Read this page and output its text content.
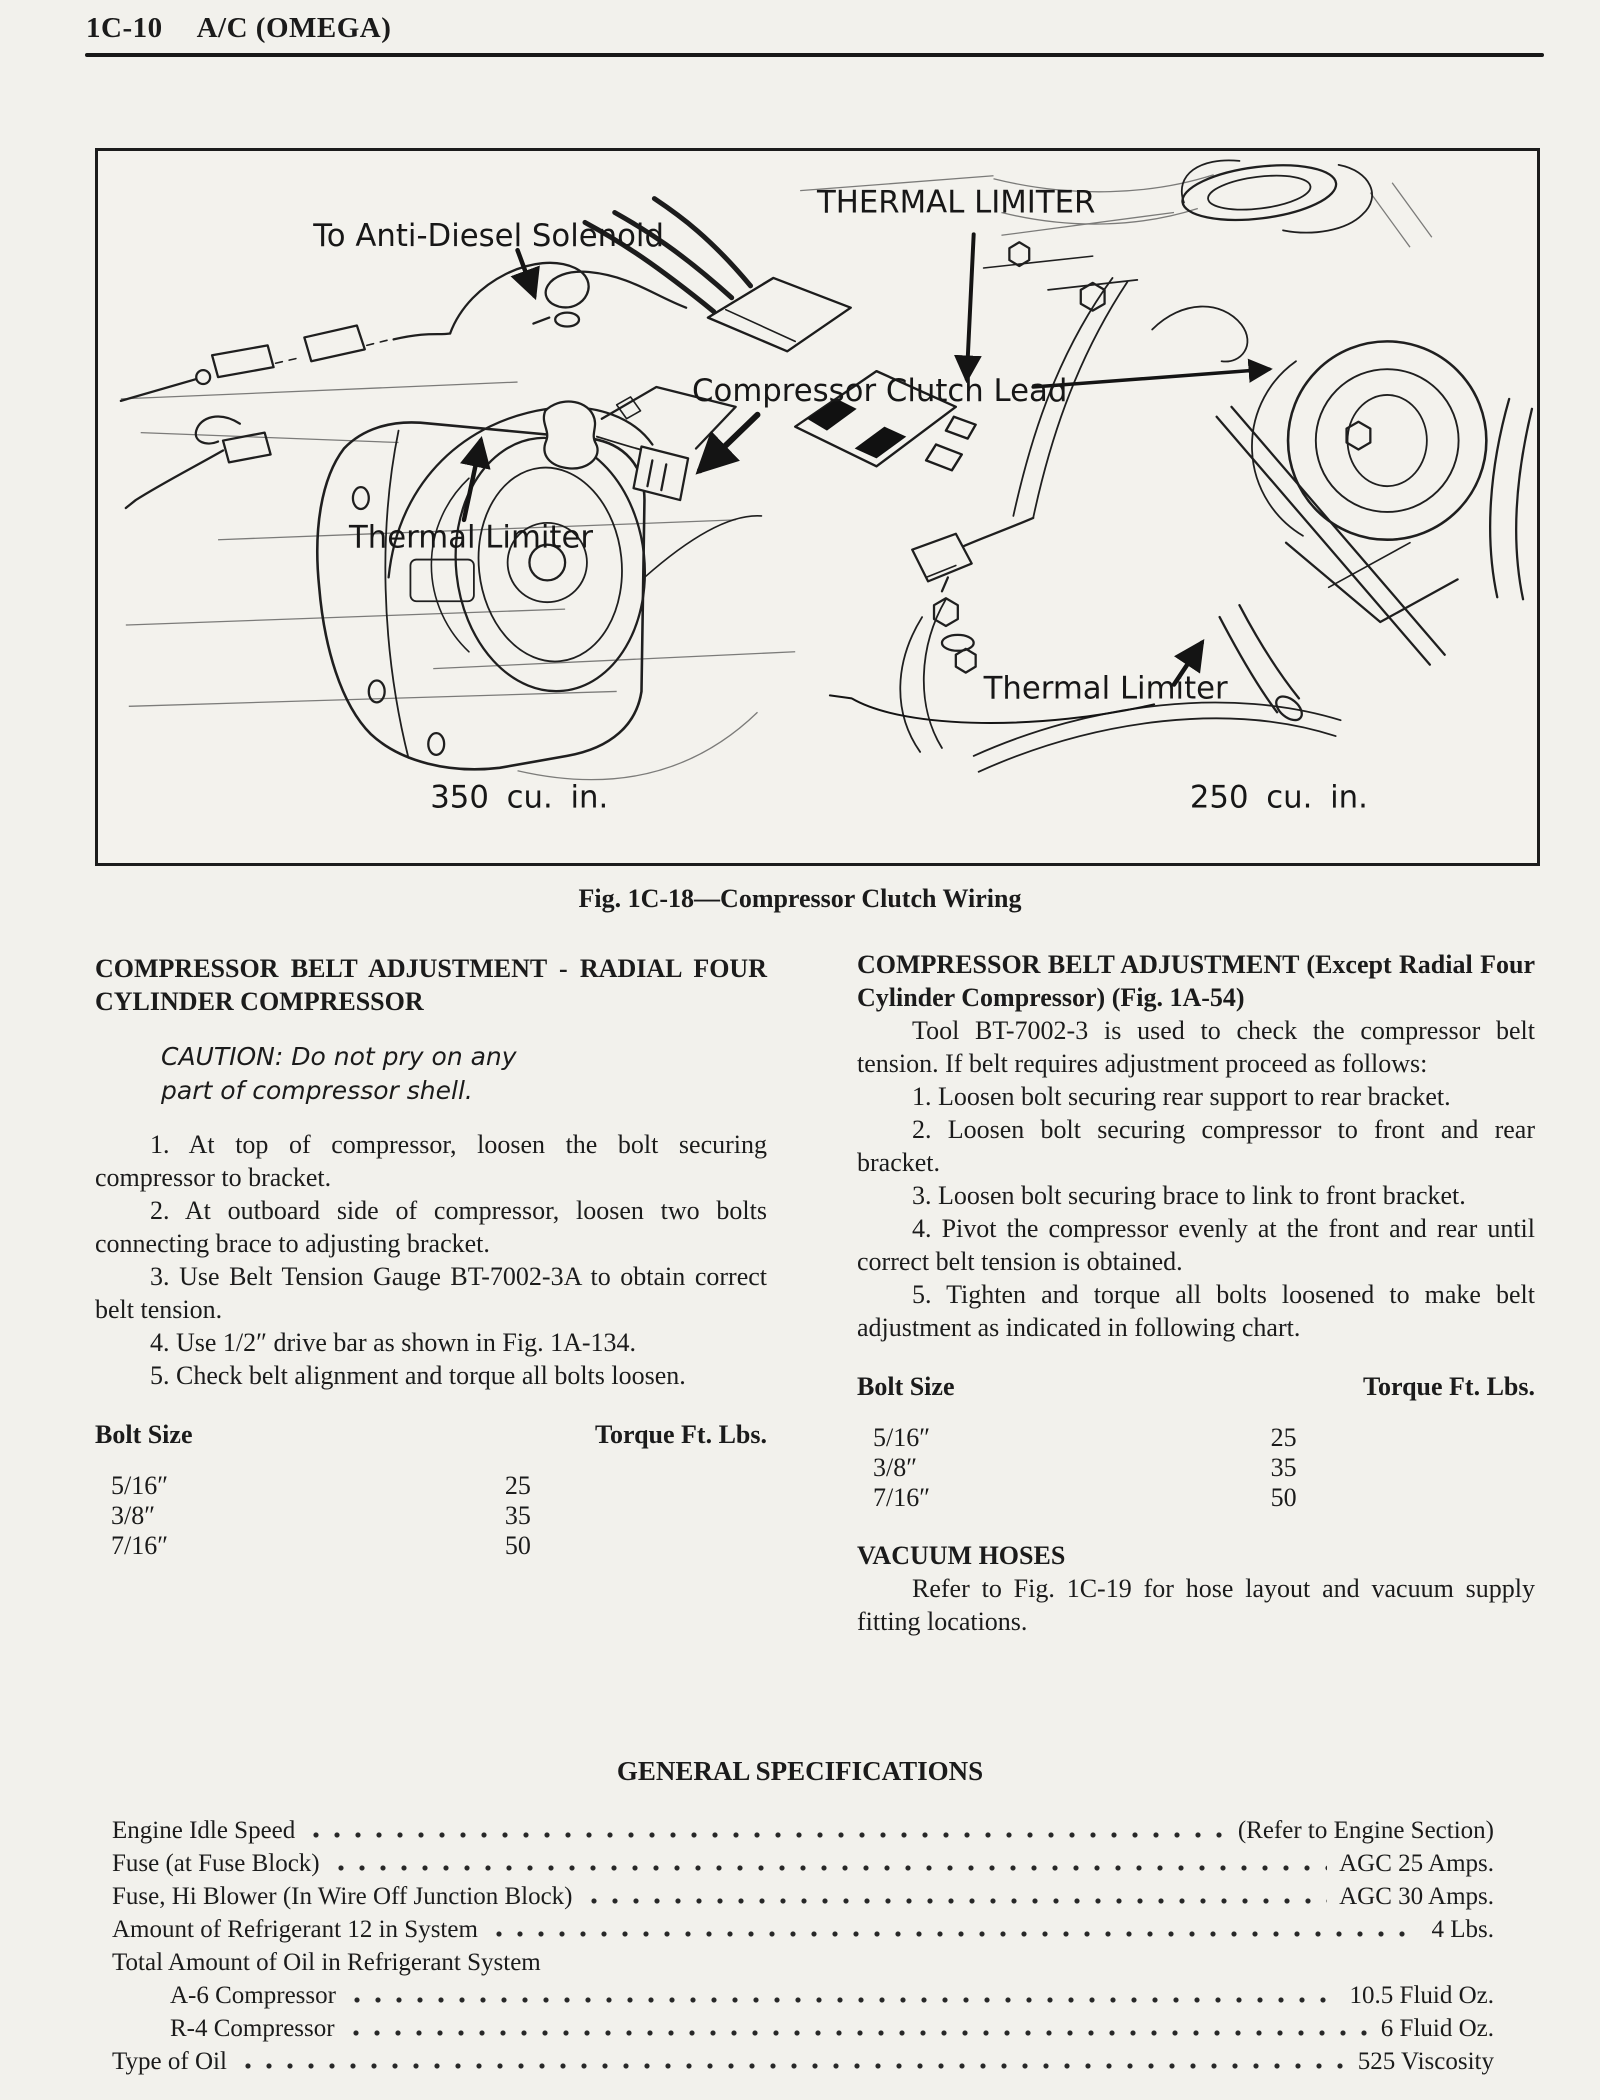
1C-10 A/C (OMEGA)
To Anti-Diesel Solenoid
THERMAL LIMITER
Compressor Clutch Lead
Thermal Limiter
Thermal Limiter
350 cu. in.	250 cu. in.
Fig. 1C-18—Compressor Clutch Wiring
COMPRESSOR BELT ADJUSTMENT - RADIAL FOUR
CYLINDER COMPRESSOR
CAUTION: Do not pry on any part of compressor shell.

1. At top of compressor, loosen the bolt securing compressor to bracket.

2. At outboard side of compressor, loosen two bolts connecting brace to adjusting bracket.

3. Use Belt Tension Gauge BT-7002-3A to obtain correct belt tension.

4. Use 1/2″ drive bar as shown in Fig. 1A-134.

5. Check belt alignment and torque all bolts loosen.

Bolt Size	Torque Ft. Lbs.
5/16″	25
3/8″	35
7/16″	50
COMPRESSOR BELT ADJUSTMENT (Except Radial Four
Cylinder Compressor) (Fig. 1A-54)

Tool BT-7002-3 is used to check the compressor belt tension. If belt requires adjustment proceed as follows:

1. Loosen bolt securing rear support to rear bracket.

2. Loosen bolt securing compressor to front and rear bracket.

3. Loosen bolt securing brace to link to front bracket.

4. Pivot the compressor evenly at the front and rear until correct belt tension is obtained.

5. Tighten and torque all bolts loosened to make belt adjustment as indicated in following chart.

Bolt Size	Torque Ft. Lbs.
5/16″	25
3/8″	35
7/16″	50
VACUUM HOSES

Refer to Fig. 1C-19 for hose layout and vacuum supply fitting locations.

GENERAL SPECIFICATIONS
Engine Idle Speed	(Refer to Engine Section)
Fuse (at Fuse Block)	AGC 25 Amps.
Fuse, Hi Blower (In Wire Off Junction Block)	AGC 30 Amps.
Amount of Refrigerant 12 in System	4 Lbs.
Total Amount of Oil in Refrigerant System
A-6 Compressor	10.5 Fluid Oz.
R-4 Compressor	6 Fluid Oz.
Type of Oil	525 Viscosity
